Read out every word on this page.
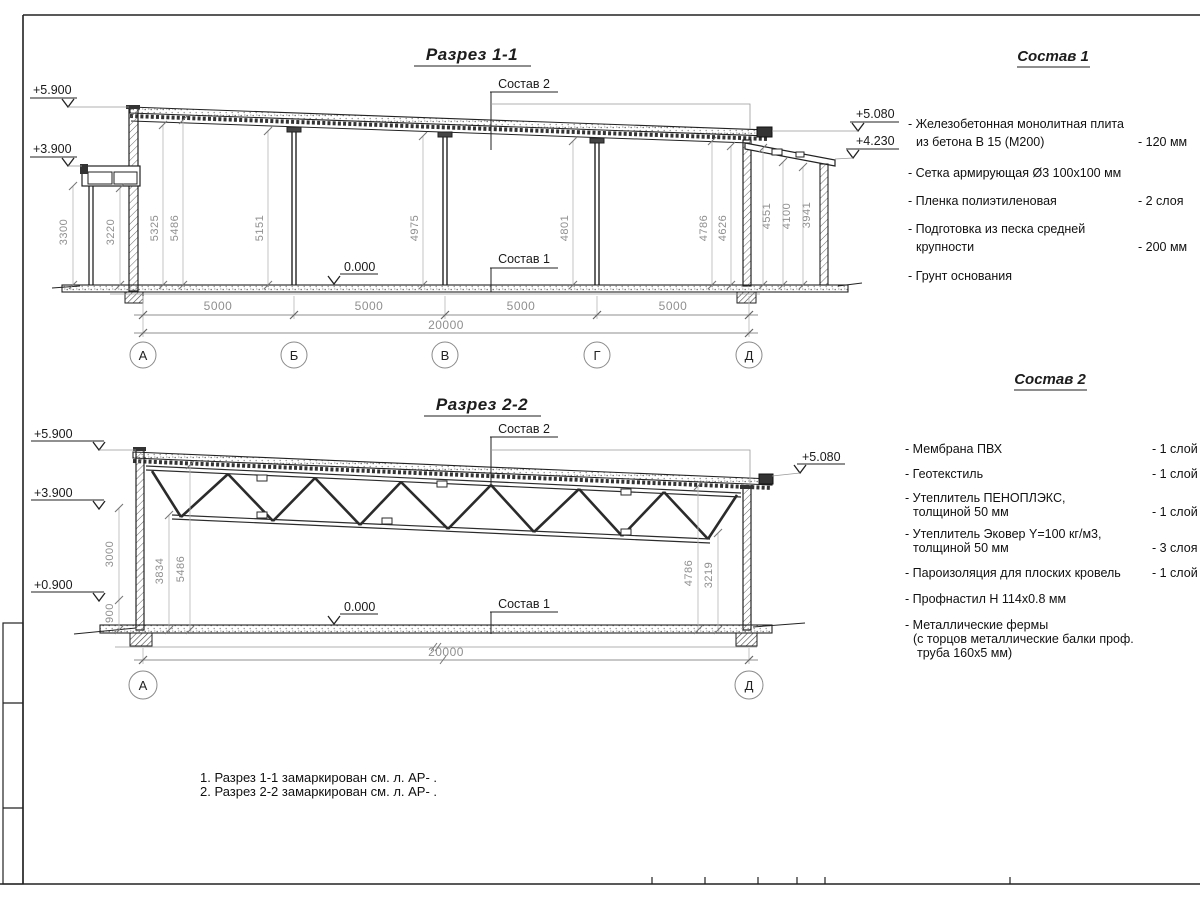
Разрез 1-1
+5.900
+3.900
+5.080
+4.230
Состав 2
Состав 1
0.000
3300	3220	5325 5486	5151	4975	4801	4786 4626	4551 4100 3941
5000	5000	5000	5000
20000
А	Б	В	Г	Д
Разрез 2-2
+5.900
+3.900
+0.900
+5.080
Состав 2
Состав 1
0.000
3000
900
3834 5486	4786 3219
20000
А	Д
Состав 1
- Железобетонная монолитная плита
из бетона В 15 (М200)	- 120 мм
- Сетка армирующая Ø3 100х100 мм
- Пленка полиэтиленовая	- 2 слоя
- Подготовка из песка средней
крупности	- 200 мм
- Грунт основания
Состав 2
- Мембрана ПВХ	- 1 слой
- Геотекстиль	- 1 слой
- Утеплитель ПЕНОПЛЭКС,
толщиной 50 мм	- 1 слой
- Утеплитель Эковер Y=100 кг/м3,
толщиной 50 мм	- 3 слоя
- Пароизоляция для плоских кровель - 1 слой
- Профнастил Н 114х0.8 мм
- Металлические фермы
(с торцов металлические балки проф.
труба 160х5 мм)
1. Разрез 1-1 замаркирован см. л. АР- .
2. Разрез 2-2 замаркирован см. л. АР- .
